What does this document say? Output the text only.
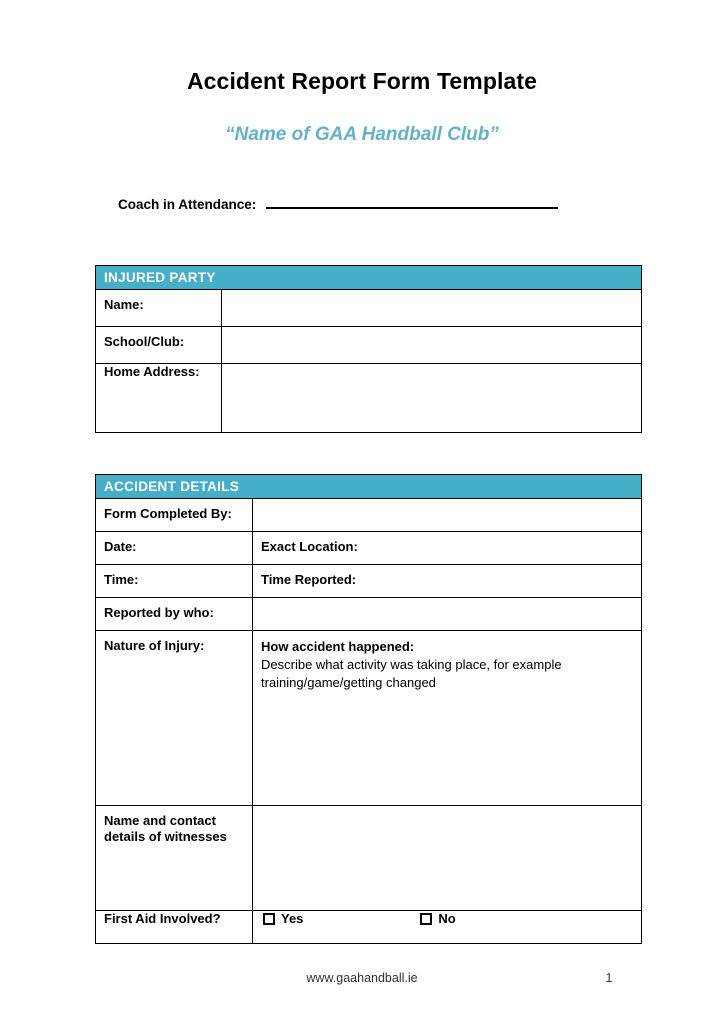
Accident Report Form Template
“Name of GAA Handball Club”
Coach in Attendance:
INJURED PARTY	
Name:	
School/Club:	
Home Address:	
ACCIDENT DETAILS	
Form Completed By:	
Date:	Exact Location:
Time:	Time Reported:
Reported by who:	
Nature of Injury:	How accident happened:
Describe what activity was taking place, for example training/game/getting changed

Name and contact details of witnesses	
First Aid Involved?	Yes No
www.gaahandball.ie	1
